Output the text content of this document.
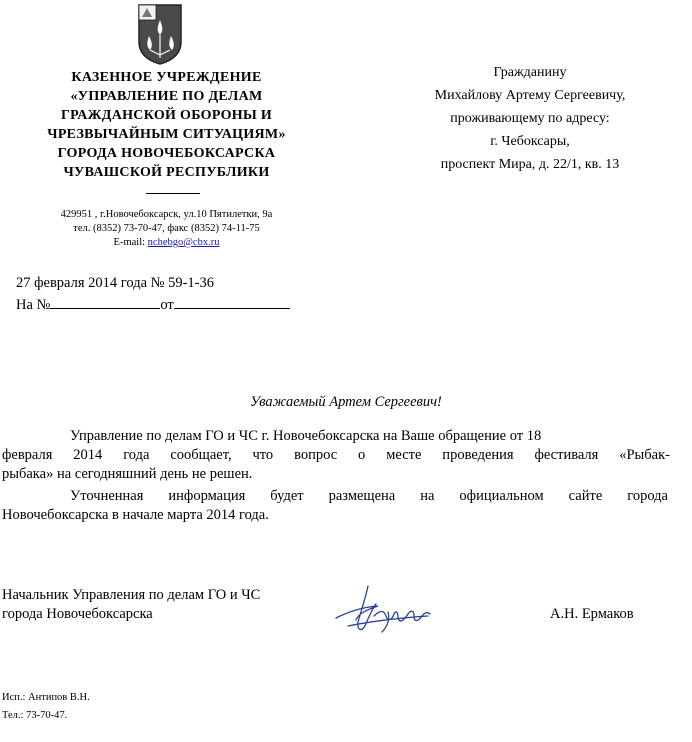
КАЗЕННОЕ УЧРЕЖДЕНИЕ
«УПРАВЛЕНИЕ ПО ДЕЛАМ
ГРАЖДАНСКОЙ ОБОРОНЫ И
ЧРЕЗВЫЧАЙНЫМ СИТУАЦИЯМ»
ГОРОДА НОВОЧЕБОКСАРСКА
ЧУВАШСКОЙ РЕСПУБЛИКИ
429951 , г.Новочебоксарск, ул.10 Пятилетки, 9а
тел. (8352) 73-70-47, факс (8352) 74-11-75
E-mail: nchebgo@cbx.ru
27 февраля 2014 года № 59-1-36
На №	от
Гражданину
Михайлову Артему Сергеевичу,
проживающему по адресу:
г. Чебоксары,
проспект Мира, д. 22/1, кв. 13
Уважаемый Артем Сергеевич!
Управление по делам ГО и ЧС г. Новочебоксарска на Ваше обращение от 18
февраля 2014 года сообщает, что вопрос о месте проведения фестиваля «Рыбак-
рыбака» на сегодняшний день не решен.
Уточненная информация будет размещена на официальном сайте города
Новочебоксарска в начале марта 2014 года.
Начальник Управления по делам ГО и ЧС
города Новочебоксарска	А.Н. Ермаков
Исп.: Антипов В.Н.
Тел.: 73-70-47.
